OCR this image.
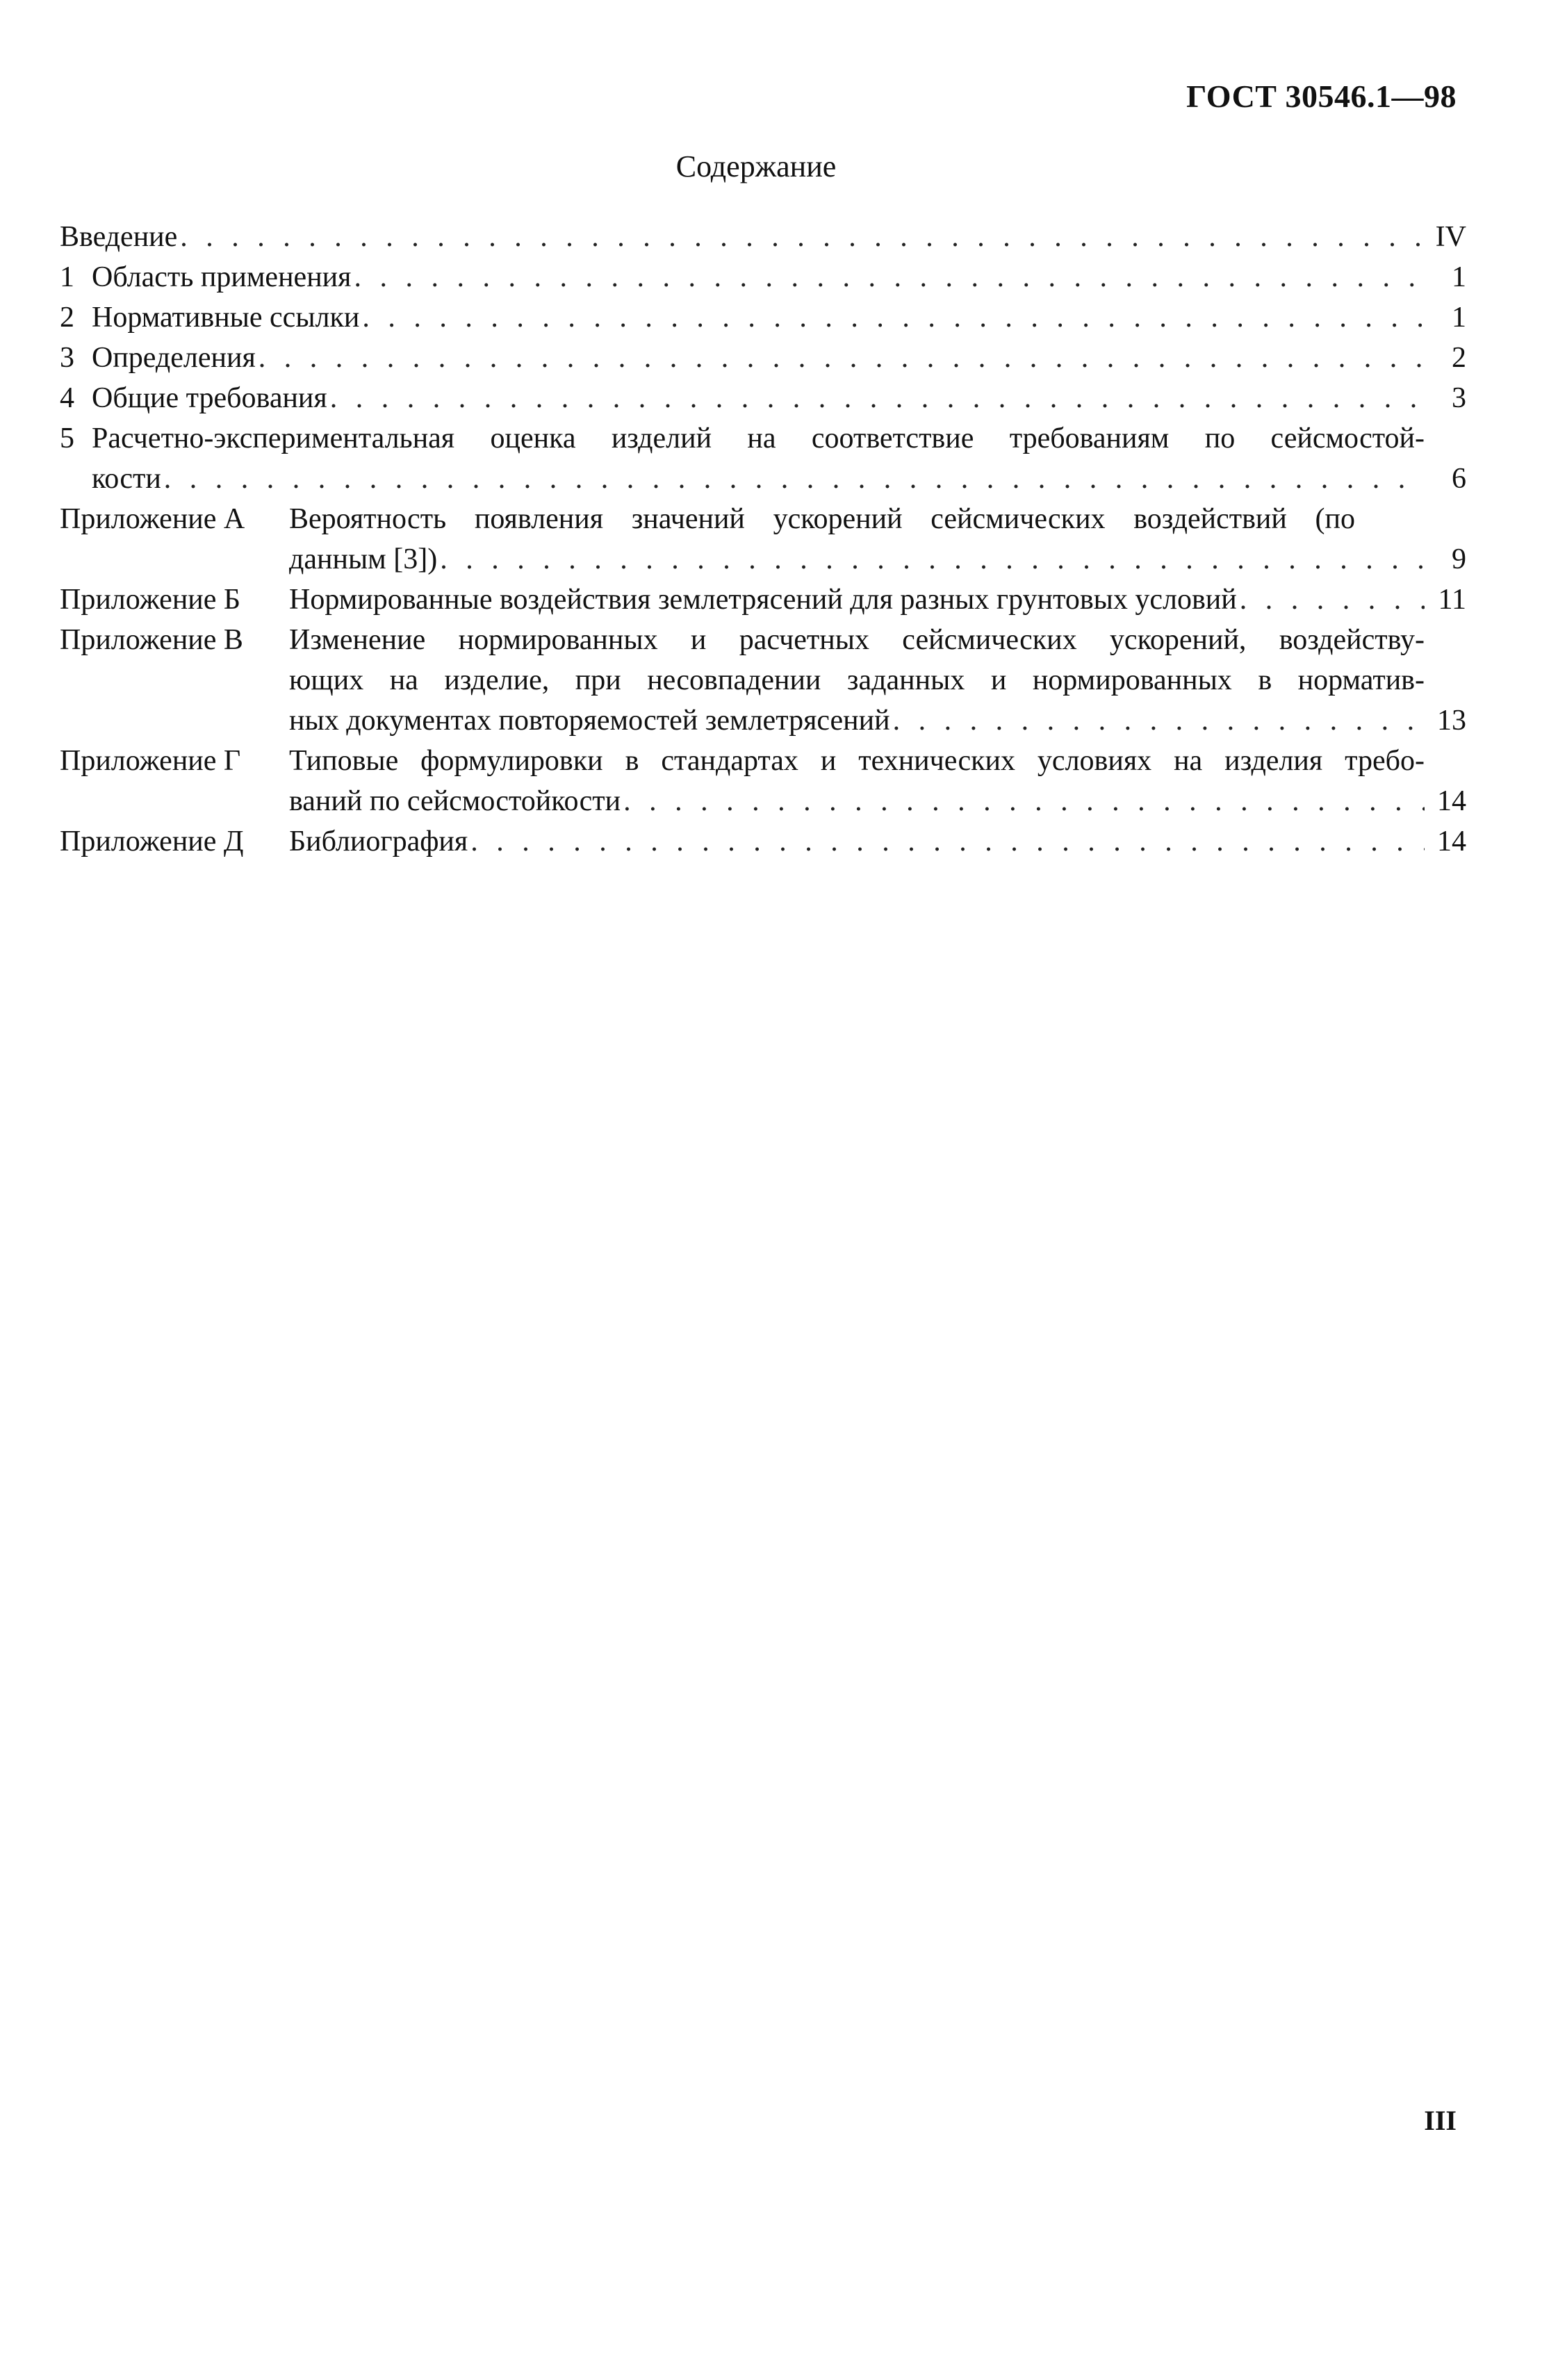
ГОСТ 30546.1—98
Содержание
Введение . . .	IV
1 Область применения . . .	1
2 Нормативные ссылки . . .	1
3 Определения . . .	2
4 Общие требования . . .	3
5 Расчетно-экспериментальная оценка изделий на соответствие требованиям по сейсмостой-
кости . . .	6
Приложение А	Вероятность появления значений ускорений сейсмических воздействий (по
данным [3]) . . .	9
Приложение Б	Нормированные воздействия землетрясений для разных грунтовых условий . . .	11
Приложение В	Изменение нормированных и расчетных сейсмических ускорений, воздейству-
ющих на изделие, при несовпадении заданных и нормированных в норматив-
ных документах повторяемостей землетрясений . . .	13
Приложение Г	Типовые формулировки в стандартах и технических условиях на изделия требо-
ваний по сейсмостойкости . . .	14
Приложение Д	Библиография . . .	14
III
